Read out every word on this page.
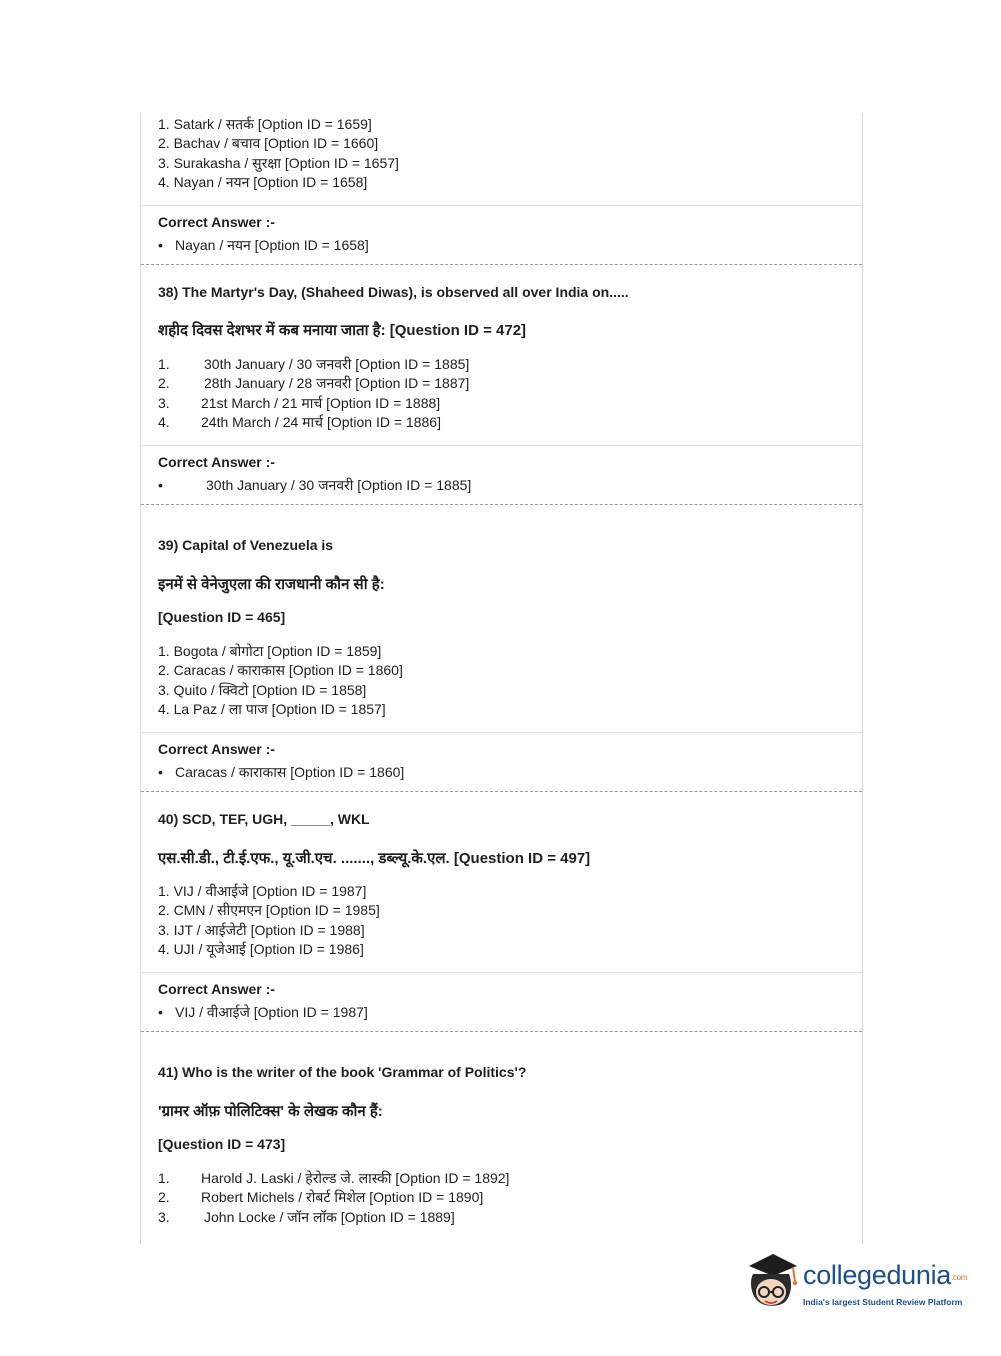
1. Satark / सतर्क [Option ID = 1659]
2. Bachav / बचाव [Option ID = 1660]
3. Surakasha / सुरक्षा [Option ID = 1657]
4. Nayan / नयन [Option ID = 1658]
Correct Answer :-
• Nayan / नयन [Option ID = 1658]
38) The Martyr's Day, (Shaheed Diwas), is observed all over India on.....
शहीद दिवस देशभर में कब मनाया जाता है: [Question ID = 472]
1. 30th January / 30 जनवरी [Option ID = 1885]
2. 28th January / 28 जनवरी [Option ID = 1887]
3. 21st March / 21 मार्च [Option ID = 1888]
4. 24th March / 24 मार्च [Option ID = 1886]
Correct Answer :-
•	30th January / 30 जनवरी [Option ID = 1885]
39) Capital of Venezuela is
इनमें से वेनेजुएला की राजधानी कौन सी है:
[Question ID = 465]
1. Bogota / बोगोटा [Option ID = 1859]
2. Caracas / काराकास [Option ID = 1860]
3. Quito / क्विटो [Option ID = 1858]
4. La Paz / ला पाज [Option ID = 1857]
Correct Answer :-
• Caracas / काराकास [Option ID = 1860]
40) SCD, TEF, UGH, _____, WKL
एस.सी.डी., टी.ई.एफ., यू.जी.एच. ......., डब्ल्यू.के.एल. [Question ID = 497]
1. VIJ / वीआईजे [Option ID = 1987]
2. CMN / सीएमएन [Option ID = 1985]
3. IJT / आईजेटी [Option ID = 1988]
4. UJI / यूजेआई [Option ID = 1986]
Correct Answer :-
• VIJ / वीआईजे [Option ID = 1987]
41) Who is the writer of the book 'Grammar of Politics'?
'ग्रामर ऑफ़ पोलिटिक्स' के लेखक कौन हैं:
[Question ID = 473]
1. Harold J. Laski / हेरोल्ड जे. लास्की [Option ID = 1892]
2. Robert Michels / रोबर्ट मिशेल [Option ID = 1890]
3. John Locke / जॉन लॉक [Option ID = 1889]
collegedunia.com
India's largest Student Review Platform
